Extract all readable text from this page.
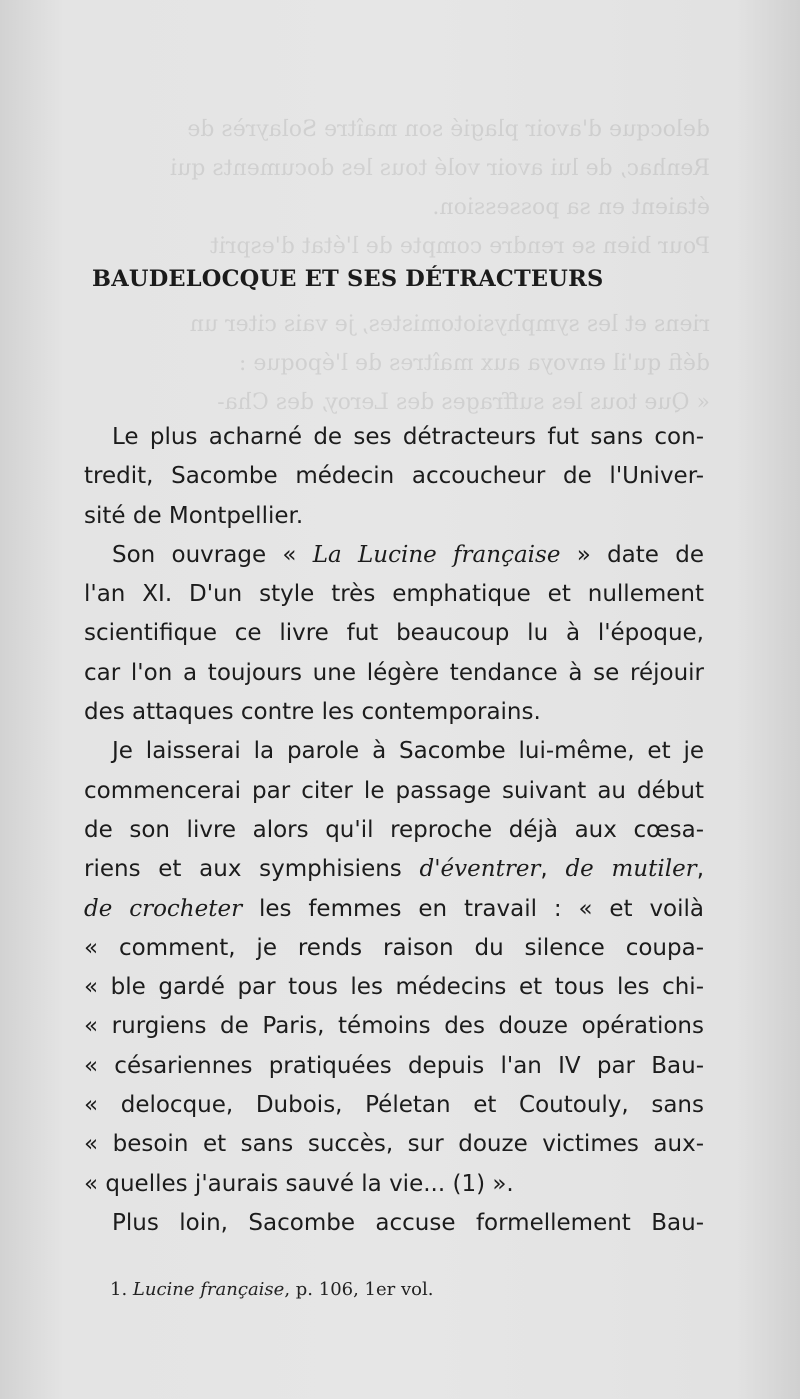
delocque d'avoir plagié son maître Solayrès de
Renhac, de lui avoir volé tous les documents qui
étaient en sa possession.
Pour bien se rendre compte de l'état d'esprit

riens et les symphysiotomistes, je vais citer un
défi qu'il envoya aux maîtres de l'époque :
« Que tous les suffrages des Leroy, des Cha-
BAUDELOCQUE ET SES DÉTRACTEURS
Le plus acharné de ses détracteurs fut sans con-
tredit, Sacombe médecin accoucheur de l'Univer-
sité de Montpellier.
Son ouvrage « La Lucine française » date de
l'an XI. D'un style très emphatique et nullement
scientifique ce livre fut beaucoup lu à l'époque,
car l'on a toujours une légère tendance à se réjouir
des attaques contre les contemporains.
Je laisserai la parole à Sacombe lui-même, et je
commencerai par citer le passage suivant au début
de son livre alors qu'il reproche déjà aux cœsa-
riens et aux symphisiens d'éventrer, de mutiler,
de crocheter les femmes en travail : « et voilà
« comment, je rends raison du silence coupa-
« ble gardé par tous les médecins et tous les chi-
« rurgiens de Paris, témoins des douze opérations
« césariennes pratiquées depuis l'an IV par Bau-
« delocque, Dubois, Péletan et Coutouly, sans
« besoin et sans succès, sur douze victimes aux-
« quelles j'aurais sauvé la vie... (1) ».
Plus loin, Sacombe accuse formellement Bau-
1. Lucine française, p. 106, 1er vol.
